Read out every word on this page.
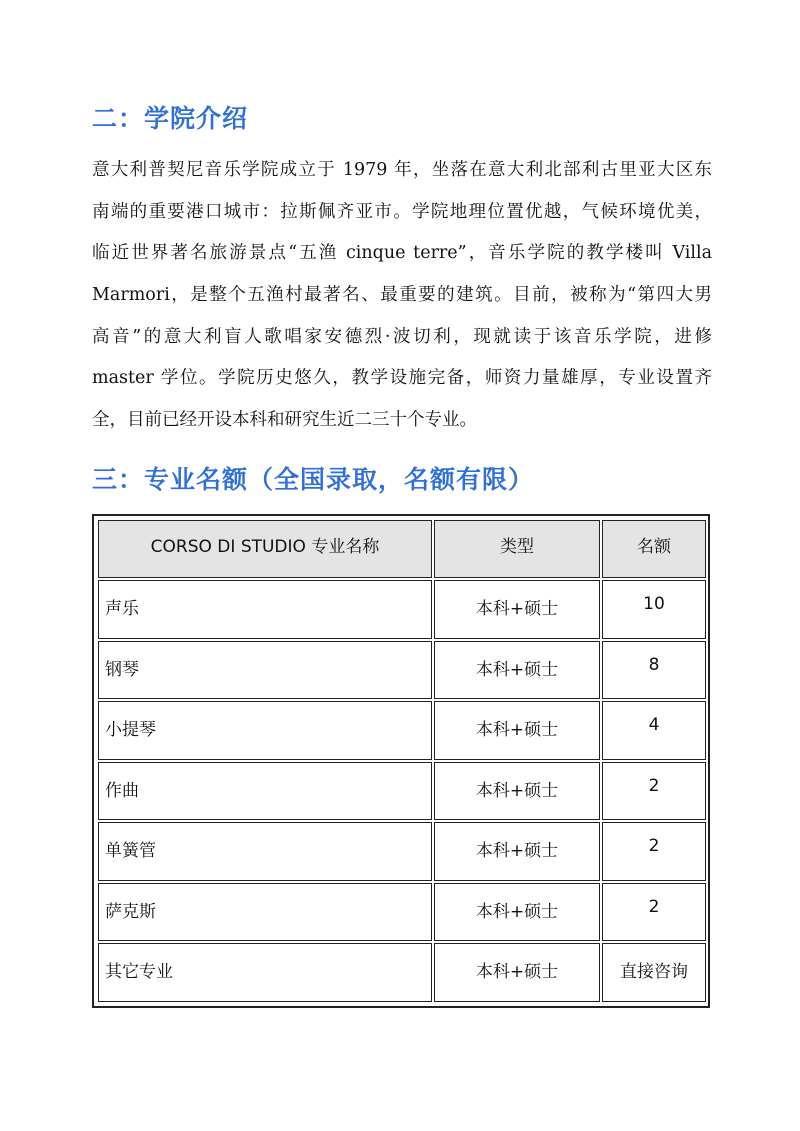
二：学院介绍
意大利普契尼音乐学院成立于 1979 年，坐落在意大利北部利古里亚大区东
南端的重要港口城市：拉斯佩齐亚市。学院地理位置优越，气候环境优美，
临近世界著名旅游景点“五渔 cinque terre”，音乐学院的教学楼叫 Villa
Marmori，是整个五渔村最著名、最重要的建筑。目前，被称为“第四大男
高音”的意大利盲人歌唱家安德烈·波切利，现就读于该音乐学院，进修
master 学位。学院历史悠久，教学设施完备，师资力量雄厚，专业设置齐
全，目前已经开设本科和研究生近二三十个专业。
三：专业名额（全国录取，名额有限）
CORSO DI STUDIO 专业名称	类型	名额
声乐	本科+硕士	10
钢琴	本科+硕士	8
小提琴	本科+硕士	4
作曲	本科+硕士	2
单簧管	本科+硕士	2
萨克斯	本科+硕士	2
其它专业	本科+硕士	直接咨询
